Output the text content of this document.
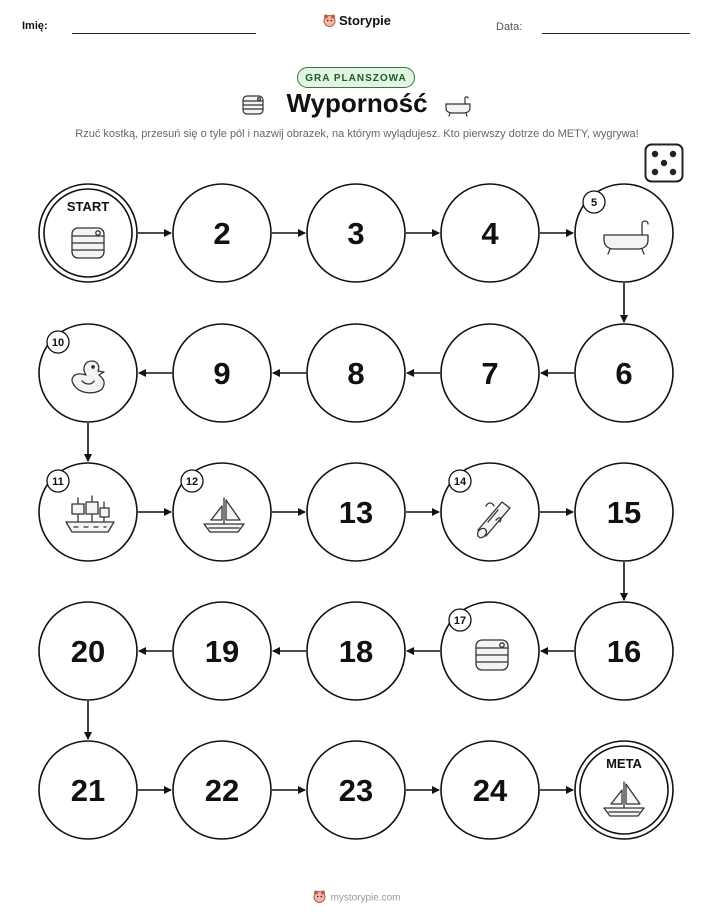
Imię:	Storypie	Data:
GRA PLANSZOWA
Wyporność
Rzuć kostką, przesuń się o tyle pól i nazwij obrazek, na którym wylądujesz. Kto pierwszy dotrze do METY, wygrywa!
START
2	3	4
5
6
7
8
9
10
11	12
13
14
15
16
17
18
19
20
21	22	23	24
META
mystorypie.com
